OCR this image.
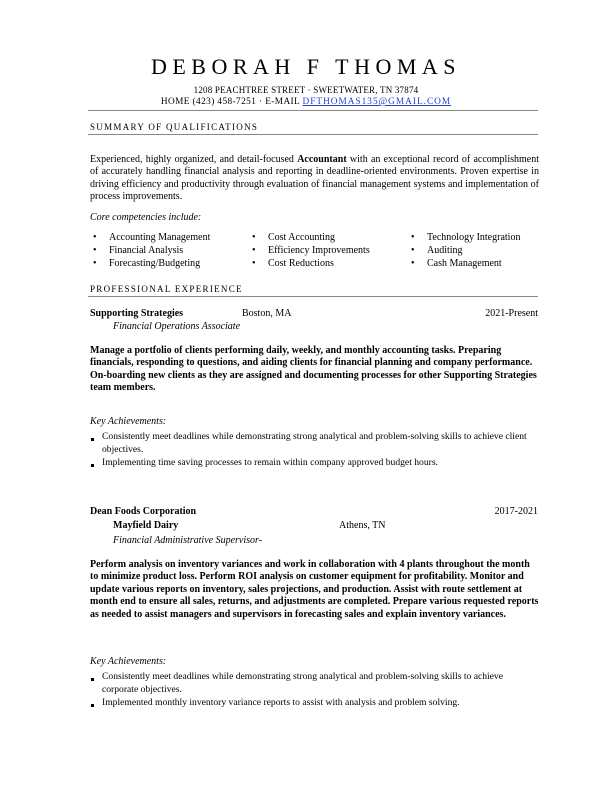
DEBORAH F THOMAS
1208 PEACHTREE STREET · SWEETWATER, TN 37874
HOME (423) 458-7251 · E-MAIL DFTHOMAS135@GMAIL.COM
SUMMARY OF QUALIFICATIONS
Experienced, highly organized, and detail-focused Accountant with an exceptional record of accomplishment of accurately handling financial analysis and reporting in deadline-oriented environments. Proven expertise in driving efficiency and productivity through evaluation of financial management systems and implementation of process improvements.
Core competencies include:
• Accounting Management
• Financial Analysis
• Forecasting/Budgeting
• Cost Accounting
• Efficiency Improvements
• Cost Reductions
• Technology Integration
• Auditing
• Cash Management
PROFESSIONAL EXPERIENCE
Supporting Strategies	Boston, MA	2021-Present
Financial Operations Associate
Manage a portfolio of clients performing daily, weekly, and monthly accounting tasks. Preparing financials, responding to questions, and aiding clients for financial planning and company performance. On-boarding new clients as they are assigned and documenting processes for other Supporting Strategies team members.
Key Achievements:
Consistently meet deadlines while demonstrating strong analytical and problem-solving skills to achieve client objectives.
Implementing time saving processes to remain within company approved budget hours.
Dean Foods Corporation	2017-2021
Mayfield Dairy	Athens, TN
Financial Administrative Supervisor-
Perform analysis on inventory variances and work in collaboration with 4 plants throughout the month to minimize product loss. Perform ROI analysis on customer equipment for profitability. Monitor and update various reports on inventory, sales projections, and production. Assist with route settlement at month end to ensure all sales, returns, and adjustments are completed. Prepare various requested reports as needed to assist managers and supervisors in forecasting sales and explain inventory variances.
Key Achievements:
Consistently meet deadlines while demonstrating strong analytical and problem-solving skills to achieve corporate objectives.
Implemented monthly inventory variance reports to assist with analysis and problem solving.
